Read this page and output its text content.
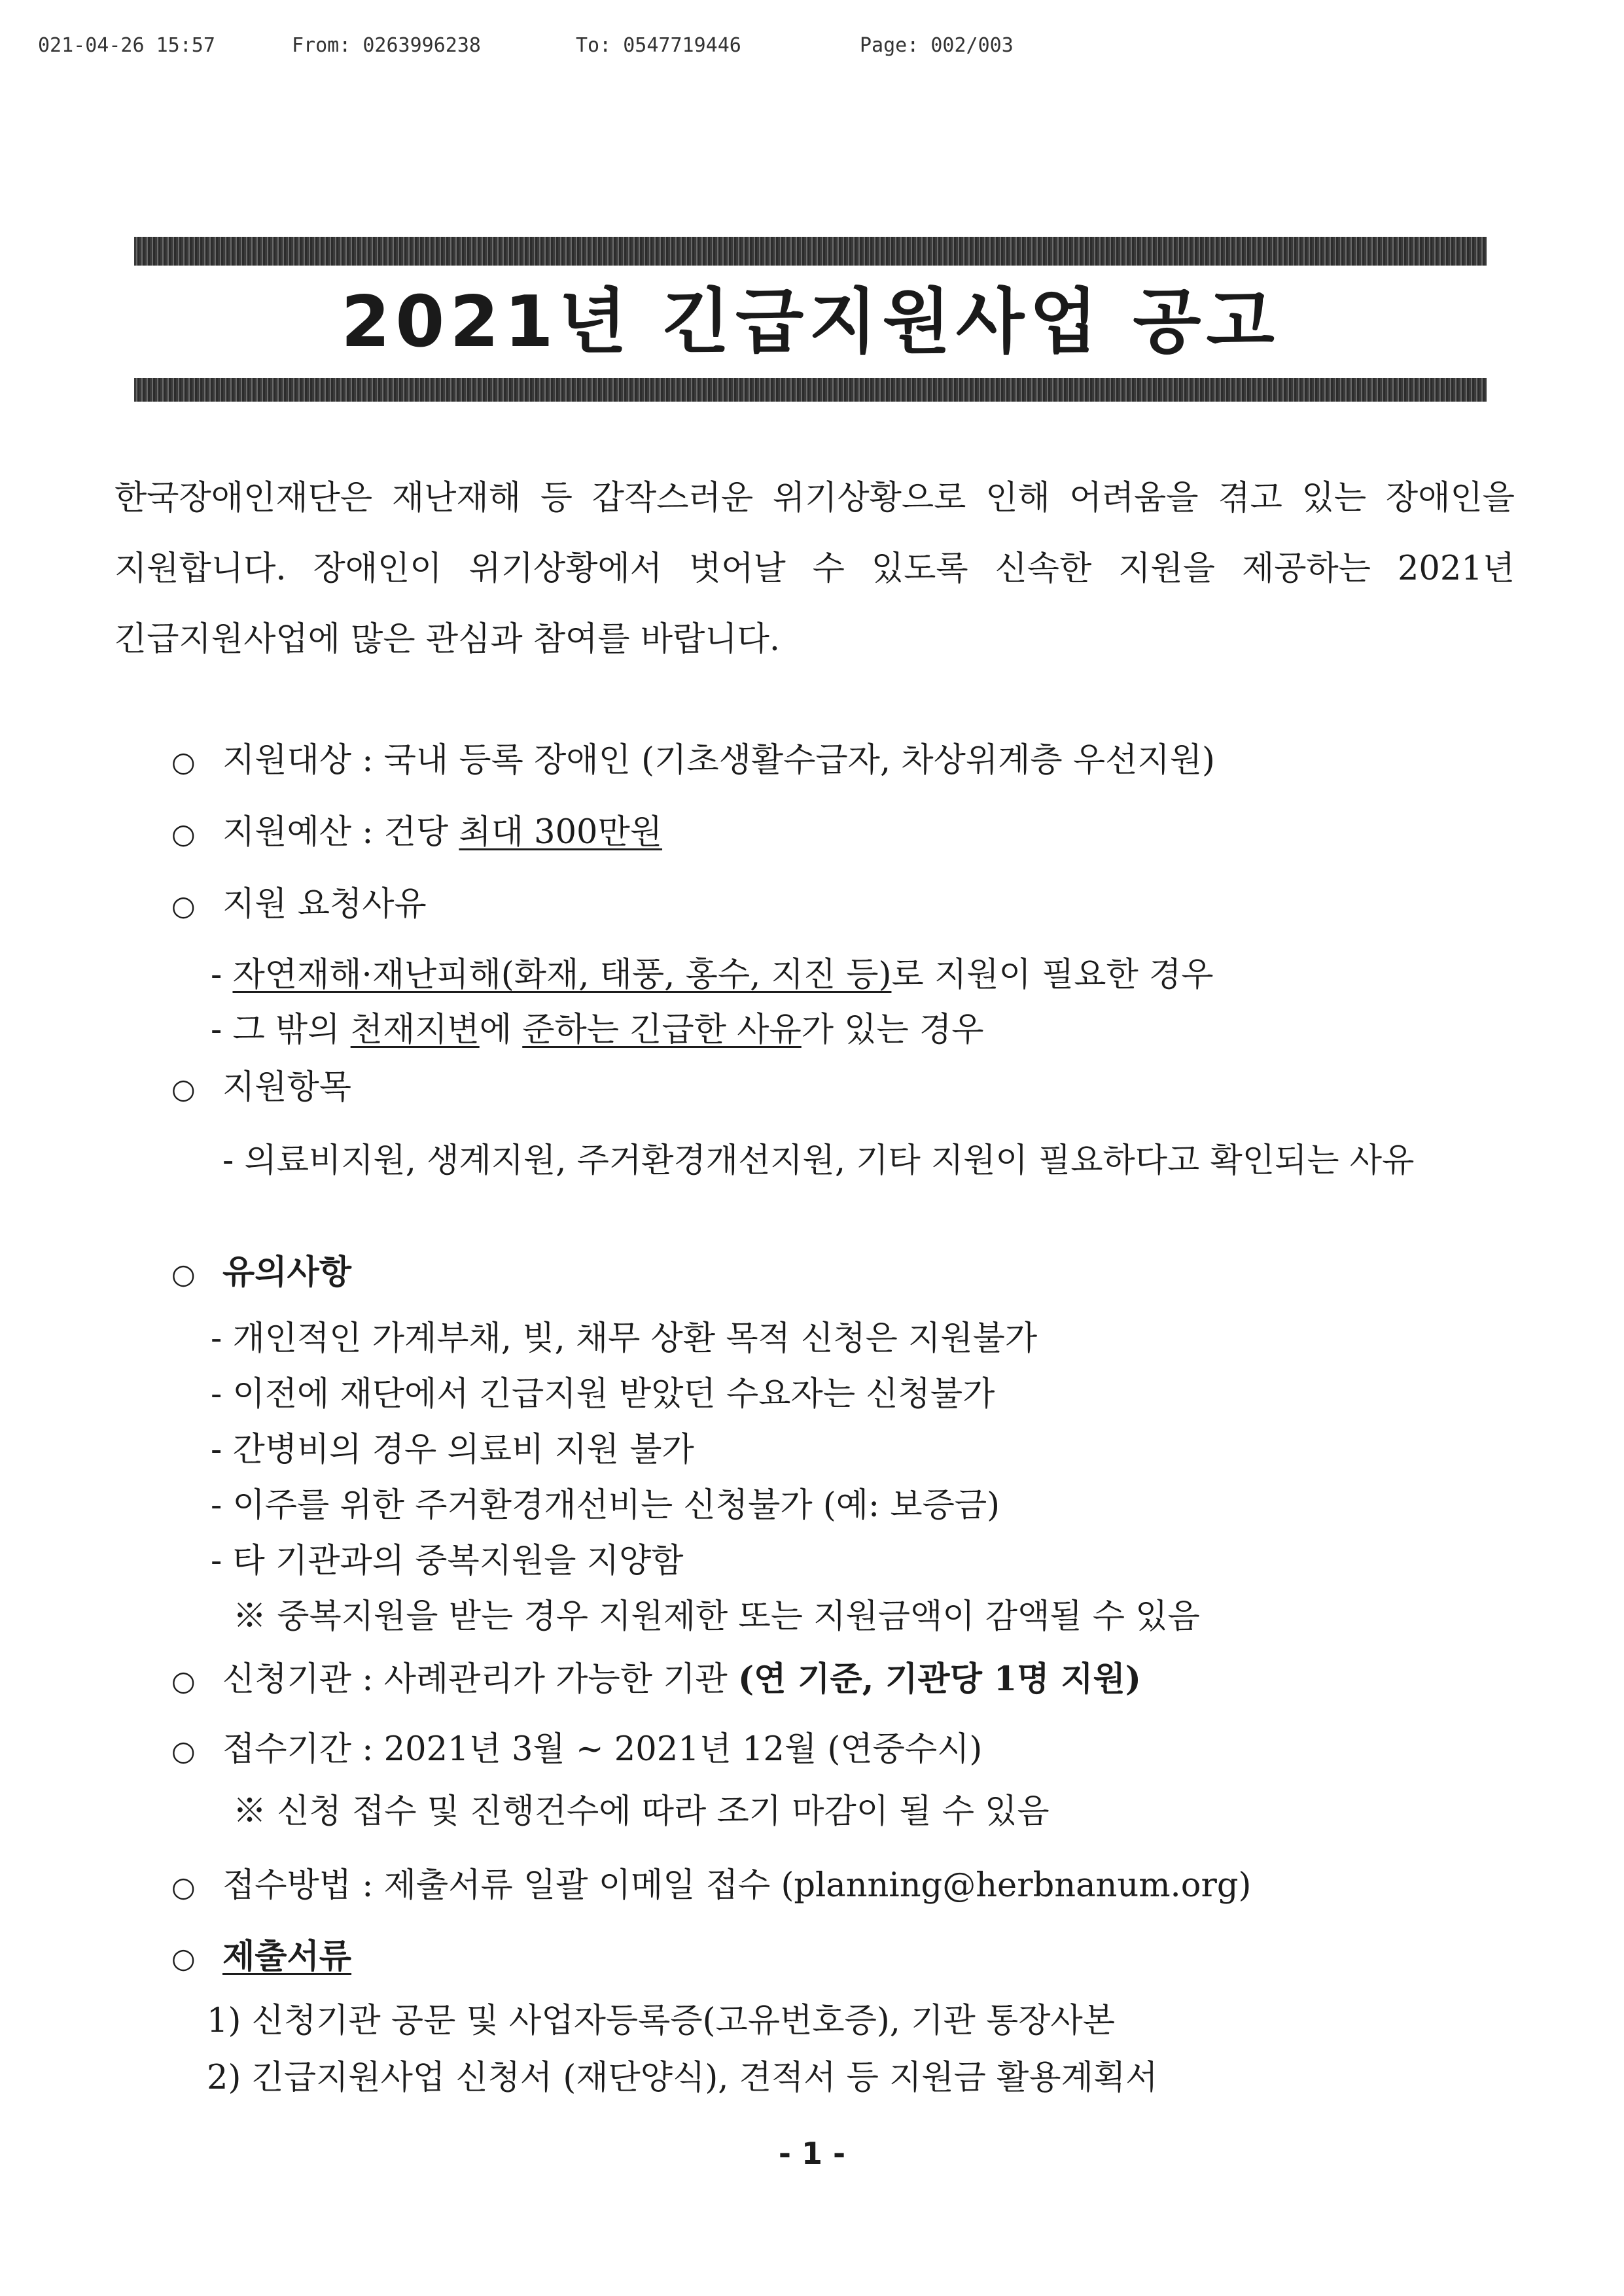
021-04-26 15:57	From: 0263996238	To: 0547719446	Page: 002/003
2021년 긴급지원사업 공고
한국장애인재단은 재난재해 등 갑작스러운 위기상황으로 인해 어려움을 겪고 있는 장애인을 지원합니다. 장애인이 위기상황에서 벗어날 수 있도록 신속한 지원을 제공하는 2021년 긴급지원사업에 많은 관심과 참여를 바랍니다.
○ 지원대상 : 국내 등록 장애인 (기초생활수급자, 차상위계층 우선지원)
○ 지원예산 : 건당 최대 300만원
○ 지원 요청사유
- 자연재해·재난피해(화재, 태풍, 홍수, 지진 등)로 지원이 필요한 경우
- 그 밖의 천재지변에 준하는 긴급한 사유가 있는 경우
○ 지원항목
- 의료비지원, 생계지원, 주거환경개선지원, 기타 지원이 필요하다고 확인되는 사유
○ 유의사항
- 개인적인 가계부채, 빚, 채무 상환 목적 신청은 지원불가
- 이전에 재단에서 긴급지원 받았던 수요자는 신청불가
- 간병비의 경우 의료비 지원 불가
- 이주를 위한 주거환경개선비는 신청불가 (예: 보증금)
- 타 기관과의 중복지원을 지양함
※ 중복지원을 받는 경우 지원제한 또는 지원금액이 감액될 수 있음
○ 신청기관 : 사례관리가 가능한 기관 (연 기준, 기관당 1명 지원)
○ 접수기간 : 2021년 3월 ~ 2021년 12월 (연중수시)
※ 신청 접수 및 진행건수에 따라 조기 마감이 될 수 있음
○ 접수방법 : 제출서류 일괄 이메일 접수 (planning@herbnanum.org)
○ 제출서류
1) 신청기관 공문 및 사업자등록증(고유번호증), 기관 통장사본
2) 긴급지원사업 신청서 (재단양식), 견적서 등 지원금 활용계획서
- 1 -
